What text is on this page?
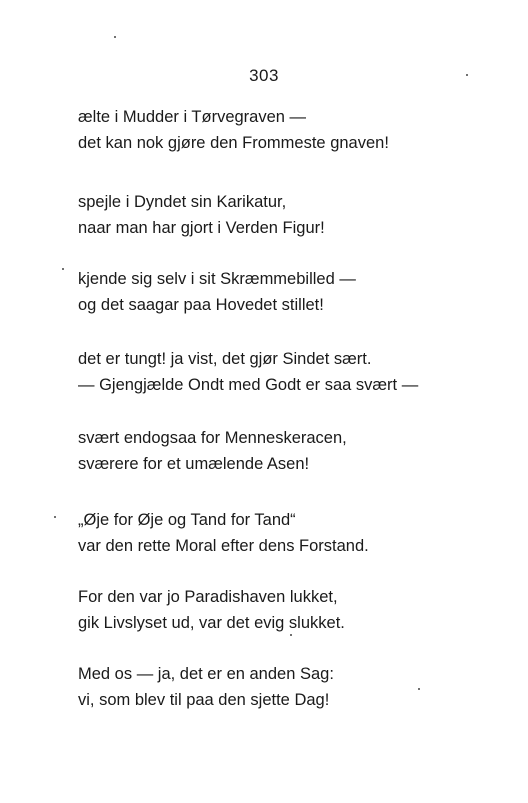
303
ælte i Mudder i Tørvegraven —
det kan nok gjøre den Frommeste gnaven!
spejle i Dyndet sin Karikatur,
naar man har gjort i Verden Figur!
kjende sig selv i sit Skræmmebilled —
og det saagar paa Hovedet stillet!
det er tungt! ja vist, det gjør Sindet sært.
— Gjengjælde Ondt med Godt er saa svært —
svært endogsaa for Menneskeracen,
sværere for et umælende Asen!
„Øje for Øje og Tand for Tand“
var den rette Moral efter dens Forstand.
For den var jo Paradishaven lukket,
gik Livslyset ud, var det evig slukket.
Med os — ja, det er en anden Sag:
vi, som blev til paa den sjette Dag!
